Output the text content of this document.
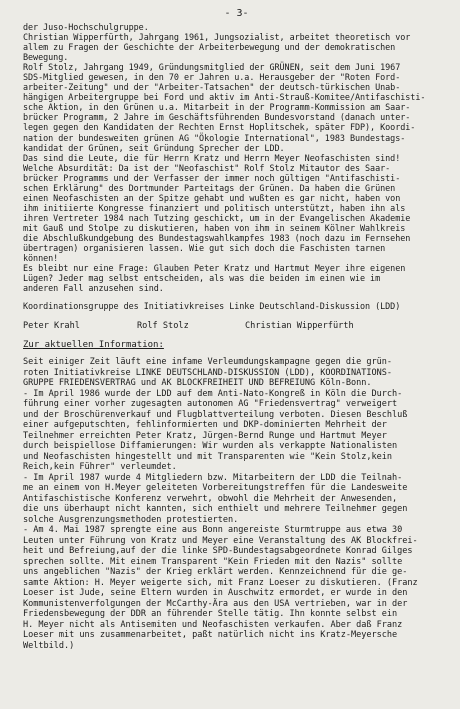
- 3-
der Juso-Hochschulgruppe.
Christian Wipperfürth, Jahrgang 1961, Jungsozialist, arbeitet theoretisch vor
allem zu Fragen der Geschichte der Arbeiterbewegung und der demokratischen
Bewegung.
Rolf Stolz, Jahrgang 1949, Gründungsmitglied der GRÜNEN, seit dem Juni 1967
SDS-Mitglied gewesen, in den 70 er Jahren u.a. Herausgeber der "Roten Ford-
arbeiter-Zeitung" und der "Arbeiter-Tatsachen" der deutsch-türkischen Unab-
hängigen Arbeitergruppe bei Ford und aktiv im Anti-Strauß-Komitee/Antifaschisti-
sche Aktion, in den Grünen u.a. Mitarbeit in der Programm-Kommission am Saar-
brücker Programm, 2 Jahre im Geschäftsführenden Bundesvorstand (danach unter-
legen gegen den Kandidaten der Rechten Ernst Hoplitschek, später FDP), Koordi-
nation der bundesweiten grünen AG "Ökologie International", 1983 Bundestags-
kandidat der Grünen, seit Gründung Sprecher der LDD.
Das sind die Leute, die für Herrn Kratz und Herrn Meyer Neofaschisten sind!
Welche Absurdität: Da ist der "Neofaschist" Rolf Stolz Mitautor des Saar-
brücker Programms und der Verfasser der immer noch gültigen "Antifaschisti-
schen Erklärung" des Dortmunder Parteitags der Grünen. Da haben die Grünen
einen Neofaschisten an der Spitze gehabt und wußten es gar nicht, haben von
ihm initiierte Kongresse finanziert und politisch unterstützt, haben ihn als
ihren Vertreter 1984 nach Tutzing geschickt, um in der Evangelischen Akademie
mit Gauß und Stolpe zu diskutieren, haben von ihm in seinem Kölner Wahlkreis
die Abschlußkundgebung des Bundestagswahlkampfes 1983 (noch dazu im Fernsehen
übertragen) organisieren lassen. Wie gut sich doch die Faschisten tarnen
können!
Es bleibt nur eine Frage: Glauben Peter Kratz und Hartmut Meyer ihre eigenen
Lügen? Jeder mag selbst entscheiden, als was die beiden im einen wie im
anderen Fall anzusehen sind.
Koordinationsgruppe des Initiativkreises Linke Deutschland-Diskussion (LDD)
Peter Krahl	Rolf Stolz	Christian Wipperfürth
Zur aktuellen Information:
Seit einiger Zeit läuft eine infame Verleumdungskampagne gegen die grün-
roten Initiativkreise LINKE DEUTSCHLAND-DISKUSSION (LDD), KOORDINATIONS-
GRUPPE FRIEDENSVERTRAG und AK BLOCKFREIHEIT UND BEFREIUNG Köln-Bonn.
- Im April 1986 wurde der LDD auf dem Anti-Nato-Kongreß in Köln die Durch-
führung einer vorher zugesagten autonomen AG "Friedensvertrag" verweigert
und der Broschürenverkauf und Flugblattverteilung verboten. Diesen Beschluß
einer aufgeputschten, fehlinformierten und DKP-dominierten Mehrheit der
Teilnehmer erreichten Peter Kratz, Jürgen-Bernd Runge und Hartmut Meyer
durch beispiellose Diffamierungen: Wir wurden als verkappte Nationalisten
und Neofaschisten hingestellt und mit Transparenten wie "Kein Stolz,kein
Reich,kein Führer" verleumdet.
- Im April 1987 wurde 4 Mitgliedern bzw. Mitarbeitern der LDD die Teilnah-
me an einem von H.Meyer geleiteten Vorbereitungstreffen für die Landesweite
Antifaschistische Konferenz verwehrt, obwohl die Mehrheit der Anwesenden,
die uns überhaupt nicht kannten, sich enthielt und mehrere Teilnehmer gegen
solche Ausgrenzungsmethoden protestierten.
- Am 4. Mai 1987 sprengte eine aus Bonn angereiste Sturmtruppe aus etwa 30
Leuten unter Führung von Kratz und Meyer eine Veranstaltung des AK Blockfrei-
heit und Befreiung,auf der die linke SPD-Bundestagsabgeordnete Konrad Gilges
sprechen sollte. Mit einem Transparent "Kein Frieden mit den Nazis" sollte
uns angeblichen "Nazis" der Krieg erklärt werden. Kennzeichnend für die ge-
samte Aktion: H. Meyer weigerte sich, mit Franz Loeser zu diskutieren. (Franz
Loeser ist Jude, seine Eltern wurden in Auschwitz ermordet, er wurde in den
Kommunistenverfolgungen der McCarthy-Ära aus den USA vertrieben, war in der
Friedensbewegung der DDR an führender Stelle tätig. Ihn konnte selbst ein
H. Meyer nicht als Antisemiten und Neofaschisten verkaufen. Aber daß Franz
Loeser mit uns zusammenarbeitet, paßt natürlich nicht ins Kratz-Meyersche
Weltbild.)
